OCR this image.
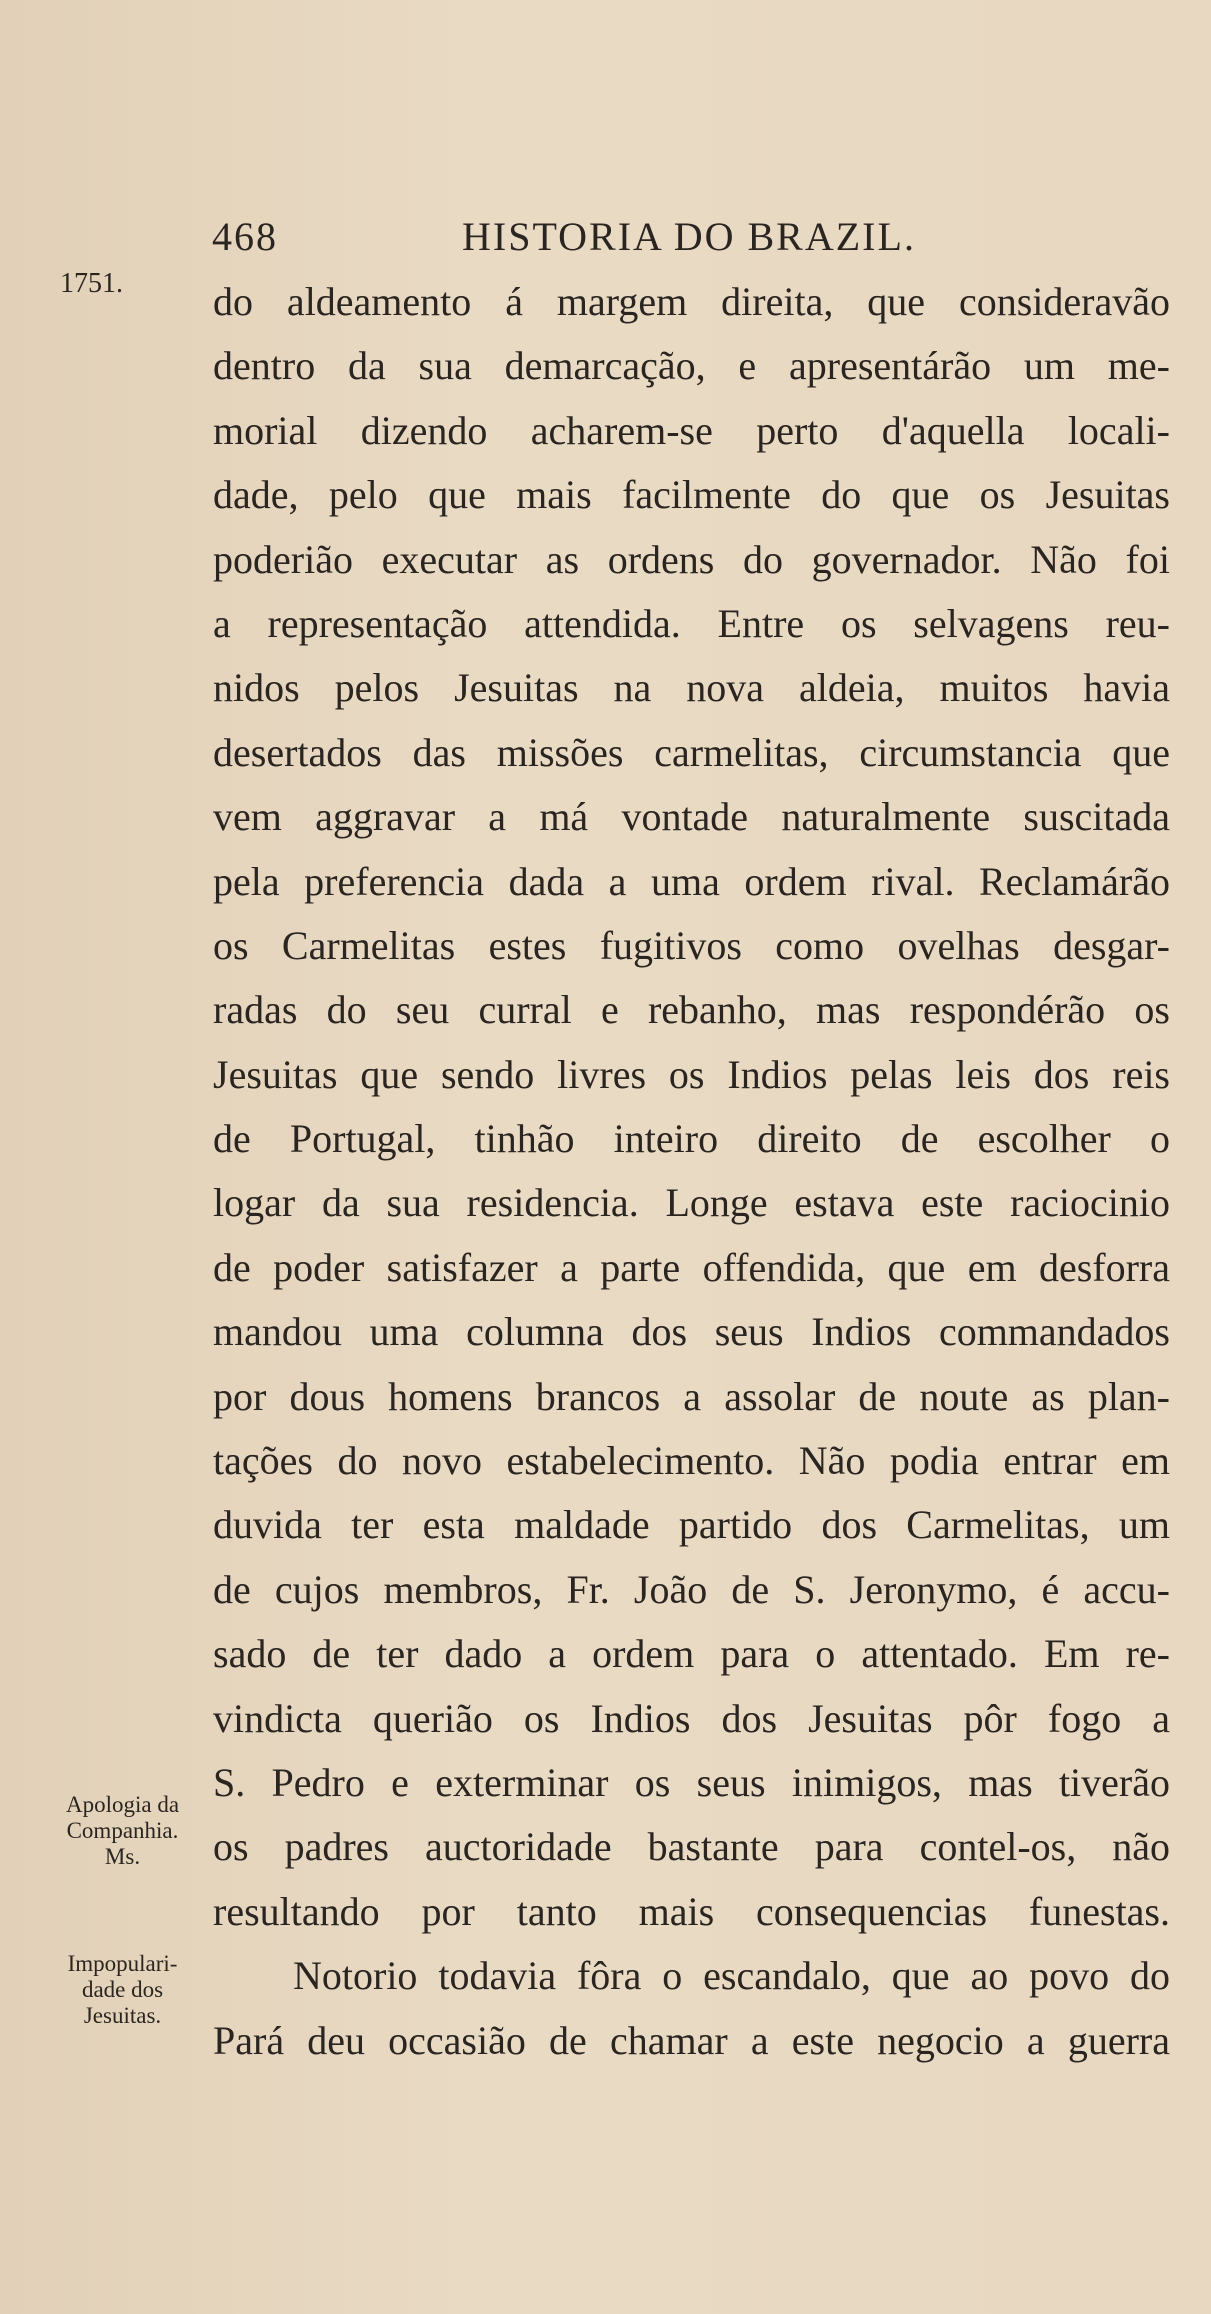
468	HISTORIA DO BRAZIL.
1751.
Apologia da
Companhia.
Ms.
Impopulari-
dade dos
Jesuitas.
do aldeamento á margem direita, que consideravão
dentro da sua demarcação, e apresentárão um me-
morial dizendo acharem-se perto d'aquella locali-
dade, pelo que mais facilmente do que os Jesuitas
poderião executar as ordens do governador. Não foi
a representação attendida. Entre os selvagens reu-
nidos pelos Jesuitas na nova aldeia, muitos havia
desertados das missões carmelitas, circumstancia que
vem aggravar a má vontade naturalmente suscitada
pela preferencia dada a uma ordem rival. Reclamárão
os Carmelitas estes fugitivos como ovelhas desgar-
radas do seu curral e rebanho, mas respondérão os
Jesuitas que sendo livres os Indios pelas leis dos reis
de Portugal, tinhão inteiro direito de escolher o
logar da sua residencia. Longe estava este raciocinio
de poder satisfazer a parte offendida, que em desforra
mandou uma columna dos seus Indios commandados
por dous homens brancos a assolar de noute as plan-
tações do novo estabelecimento. Não podia entrar em
duvida ter esta maldade partido dos Carmelitas, um
de cujos membros, Fr. João de S. Jeronymo, é accu-
sado de ter dado a ordem para o attentado. Em re-
vindicta querião os Indios dos Jesuitas pôr fogo a
S. Pedro e exterminar os seus inimigos, mas tiverão
os padres auctoridade bastante para contel-os, não
resultando por tanto mais consequencias funestas.
Notorio todavia fôra o escandalo, que ao povo do
Pará deu occasião de chamar a este negocio a guerra
